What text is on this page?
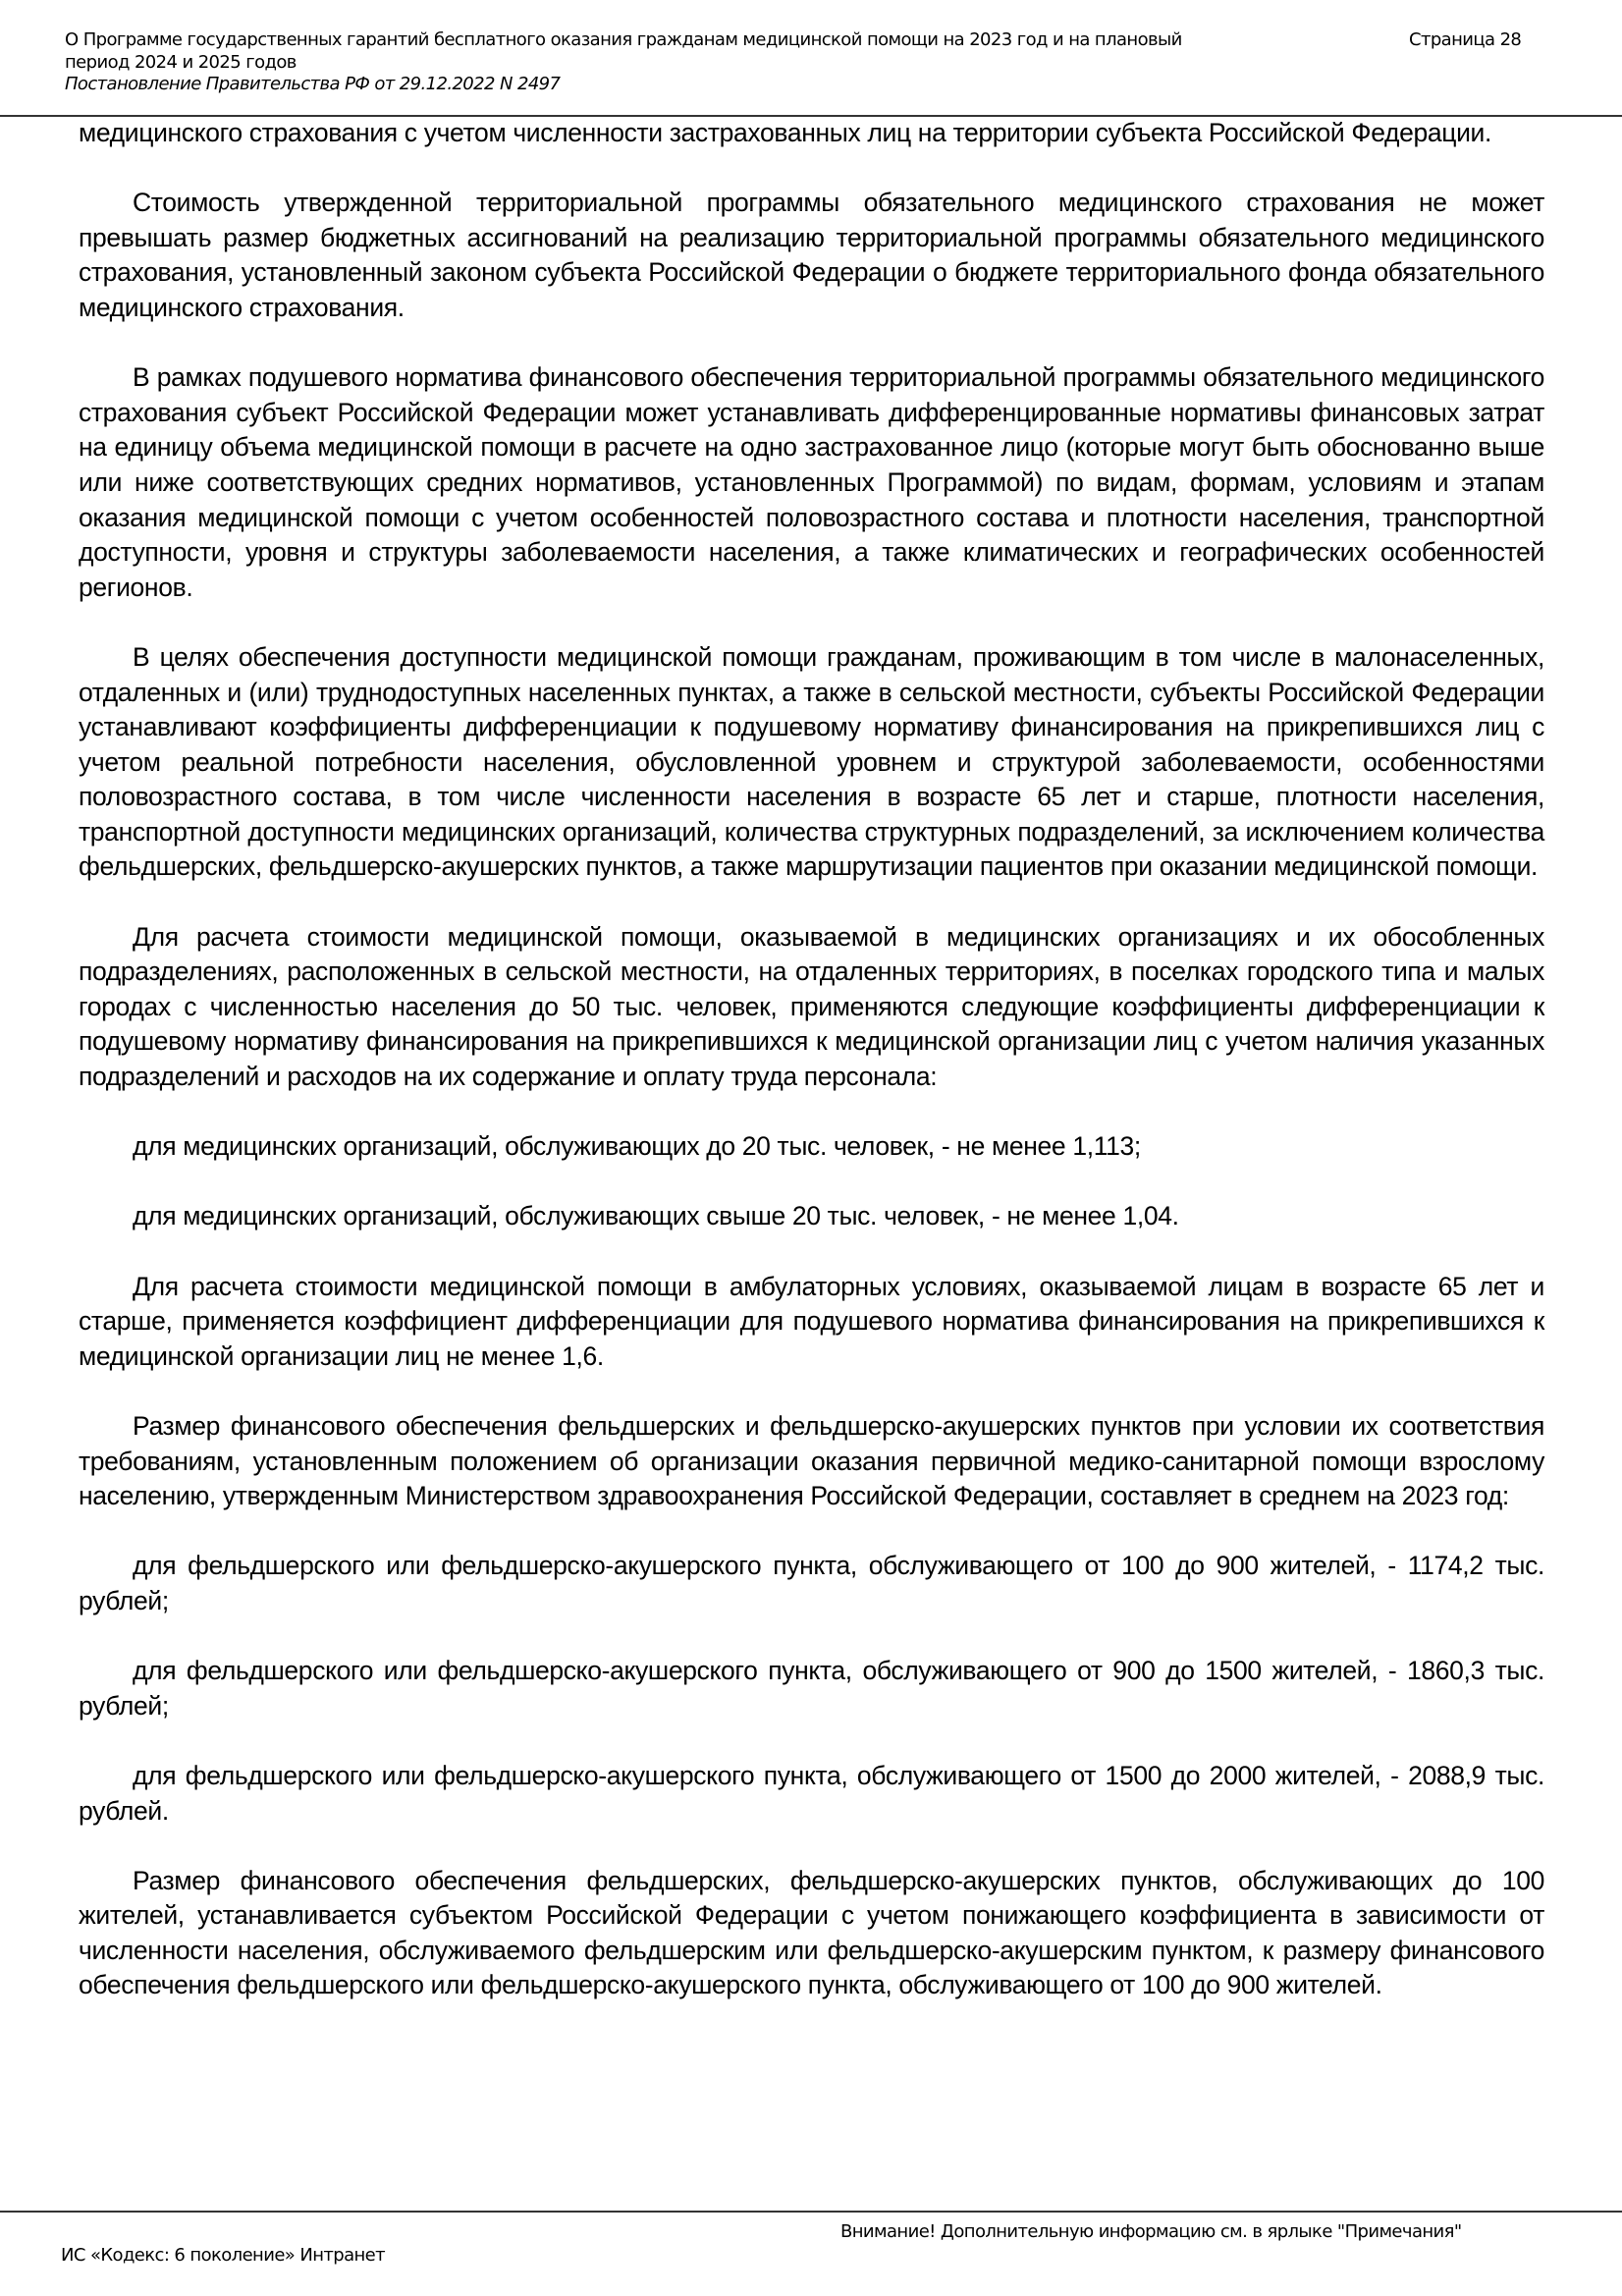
О Программе государственных гарантий бесплатного оказания гражданам медицинской помощи на 2023 год и на плановый
период 2024 и 2025 годов
Постановление Правительства РФ от 29.12.2022 N 2497
Страница 28

медицинского страхования с учетом численности застрахованных лиц на территории субъекта Российской Федерации.

Стоимость утвержденной территориальной программы обязательного медицинского страхования не может превышать размер бюджетных ассигнований на реализацию территориальной программы обязательного медицинского страхования, установленный законом субъекта Российской Федерации о бюджете территориального фонда обязательного медицинского страхования.

В рамках подушевого норматива финансового обеспечения территориальной программы обязательного медицинского страхования субъект Российской Федерации может устанавливать дифференцированные нормативы финансовых затрат на единицу объема медицинской помощи в расчете на одно застрахованное лицо (которые могут быть обоснованно выше или ниже соответствующих средних нормативов, установленных Программой) по видам, формам, условиям и этапам оказания медицинской помощи с учетом особенностей половозрастного состава и плотности населения, транспортной доступности, уровня и структуры заболеваемости населения, а также климатических и географических особенностей регионов.

В целях обеспечения доступности медицинской помощи гражданам, проживающим в том числе в малонаселенных, отдаленных и (или) труднодоступных населенных пунктах, а также в сельской местности, субъекты Российской Федерации устанавливают коэффициенты дифференциации к подушевому нормативу финансирования на прикрепившихся лиц с учетом реальной потребности населения, обусловленной уровнем и структурой заболеваемости, особенностями половозрастного состава, в том числе численности населения в возрасте 65 лет и старше, плотности населения, транспортной доступности медицинских организаций, количества структурных подразделений, за исключением количества фельдшерских, фельдшерско-акушерских пунктов, а также маршрутизации пациентов при оказании медицинской помощи.

Для расчета стоимости медицинской помощи, оказываемой в медицинских организациях и их обособленных подразделениях, расположенных в сельской местности, на отдаленных территориях, в поселках городского типа и малых городах с численностью населения до 50 тыс. человек, применяются следующие коэффициенты дифференциации к подушевому нормативу финансирования на прикрепившихся к медицинской организации лиц с учетом наличия указанных подразделений и расходов на их содержание и оплату труда персонала:

для медицинских организаций, обслуживающих до 20 тыс. человек, - не менее 1,113;

для медицинских организаций, обслуживающих свыше 20 тыс. человек, - не менее 1,04.

Для расчета стоимости медицинской помощи в амбулаторных условиях, оказываемой лицам в возрасте 65 лет и старше, применяется коэффициент дифференциации для подушевого норматива финансирования на прикрепившихся к медицинской организации лиц не менее 1,6.

Размер финансового обеспечения фельдшерских и фельдшерско-акушерских пунктов при условии их соответствия требованиям, установленным положением об организации оказания первичной медико-санитарной помощи взрослому населению, утвержденным Министерством здравоохранения Российской Федерации, составляет в среднем на 2023 год:

для фельдшерского или фельдшерско-акушерского пункта, обслуживающего от 100 до 900 жителей, - 1174,2 тыс. рублей;

для фельдшерского или фельдшерско-акушерского пункта, обслуживающего от 900 до 1500 жителей, - 1860,3 тыс. рублей;

для фельдшерского или фельдшерско-акушерского пункта, обслуживающего от 1500 до 2000 жителей, - 2088,9 тыс. рублей.

Размер финансового обеспечения фельдшерских, фельдшерско-акушерских пунктов, обслуживающих до 100 жителей, устанавливается субъектом Российской Федерации с учетом понижающего коэффициента в зависимости от численности населения, обслуживаемого фельдшерским или фельдшерско-акушерским пунктом, к размеру финансового обеспечения фельдшерского или фельдшерско-акушерского пункта, обслуживающего от 100 до 900 жителей.

Внимание! Дополнительную информацию см. в ярлыке "Примечания"
ИС «Кодекс: 6 поколение» Интранет
